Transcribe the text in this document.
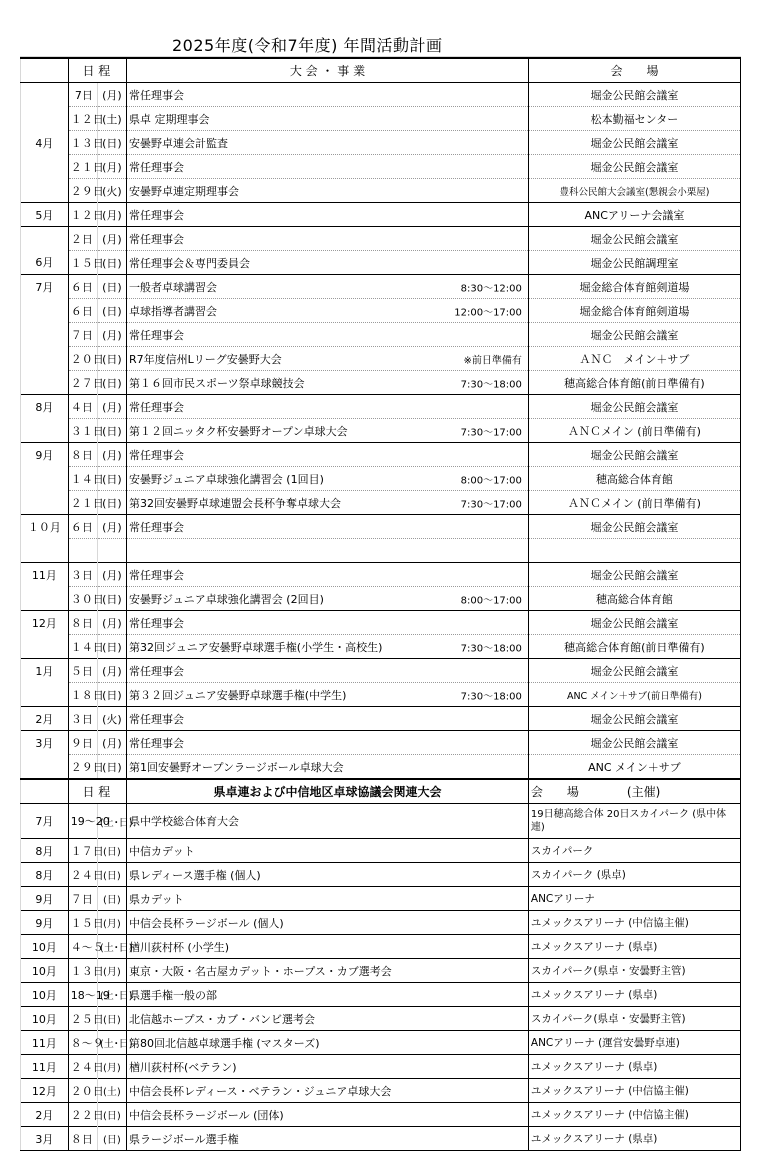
2025年度(令和7年度) 年間活動計画
	日 程		大 会 ・ 事 業	会　　場
	7日	(月)	常任理事会	堀金公民館会議室
	１２日	(土)	県卓 定期理事会	松本勤福センター
4月	１３日	(日)	安曇野卓連会計監査	堀金公民館会議室
	２１日	(月)	常任理事会	堀金公民館会議室
	２９日	(火)	安曇野卓連定期理事会	豊科公民館大会議室(懇親会小栗屋)
5月	１２日	(月)	常任理事会	ANCアリーナ会議室
	２日	(月)	常任理事会	堀金公民館会議室
6月	１５日	(日)	常任理事会＆専門委員会	堀金公民館調理室
7月	６日	(日)	一般者卓球講習会 8:30～12:00	堀金総合体育館剣道場
	６日	(日)	卓球指導者講習会 12:00～17:00	堀金総合体育館剣道場
	７日	(月)	常任理事会	堀金公民館会議室
	２０日	(日)	R7年度信州Lリーグ安曇野大会 ※前日準備有	ＡＮＣ　メイン＋サブ
	２７日	(日)	第１６回市民スポーツ祭卓球競技会 7:30～18:00	穂高総合体育館(前日準備有)
8月	４日	(月)	常任理事会	堀金公民館会議室
	３１日	(日)	第１２回ニッタク杯安曇野オープン卓球大会 7:30～17:00	ＡＮＣメイン (前日準備有)
9月	８日	(月)	常任理事会	堀金公民館会議室
	１４日	(日)	安曇野ジュニア卓球強化講習会 (1回目) 8:00～17:00	穂高総合体育館
	２１日	(日)	第32回安曇野卓球連盟会長杯争奪卓球大会 7:30～17:00	ＡＮＣメイン (前日準備有)
１０月	６日	(月)	常任理事会	堀金公民館会議室

11月	３日	(月)	常任理事会	堀金公民館会議室
	３０日	(日)	安曇野ジュニア卓球強化講習会 (2回目) 8:00～17:00	穂高総合体育館
12月	８日	(月)	常任理事会	堀金公民館会議室
	１４日	(日)	第32回ジュニア安曇野卓球選手権(小学生・高校生) 7:30～18:00	穂高総合体育館(前日準備有)
1月	５日	(月)	常任理事会	堀金公民館会議室
	１８日	(日)	第３２回ジュニア安曇野卓球選手権(中学生) 7:30～18:00	ANC メイン＋サブ(前日準備有)
2月	３日	(火)	常任理事会	堀金公民館会議室
3月	９日	(月)	常任理事会	堀金公民館会議室
	２９日	(日)	第1回安曇野オープンラージボール卓球大会	ANC メイン＋サブ
	日 程		県卓連および中信地区卓球協議会関連大会	会　　場　　　　(主催)
7月	19～20	(土･日)	県中学校総合体育大会	19日穂高総合体 20日スカイパーク (県中体連)
8月	１７日	(日)	中信カデット	スカイパーク
8月	２４日	(日)	県レディース選手権 (個人)	スカイパーク (県卓)
9月	７日	(日)	県カデット	ANCアリーナ
9月	１５日	(月)	中信会長杯ラージボール (個人)	ユメックスアリーナ (中信協主催)
10月	４～５	(土･日)	楢川荻村杯 (小学生)	ユメックスアリーナ (県卓)
10月	１３日	(月)	東京・大阪・名古屋カデット・ホープス・カブ選考会	スカイパーク(県卓・安曇野主管)
10月	18～19	(土･日)	県選手権一般の部	ユメックスアリーナ (県卓)
10月	２５日	(日)	北信越ホープス・カブ・バンビ選考会	スカイパーク(県卓・安曇野主管)
11月	８～９	(土･日)	第80回北信越卓球選手権 (マスターズ)	ANCアリーナ (運営安曇野卓連)
11月	２４日	(月)	楢川荻村杯(ベテラン)	ユメックスアリーナ (県卓)
12月	２０日	(土)	中信会長杯レディース・ベテラン・ジュニア卓球大会	ユメックスアリーナ (中信協主催)
2月	２２日	(日)	中信会長杯ラージボール (団体)	ユメックスアリーナ (中信協主催)
3月	８日	(日)	県ラージボール選手権	ユメックスアリーナ (県卓)
